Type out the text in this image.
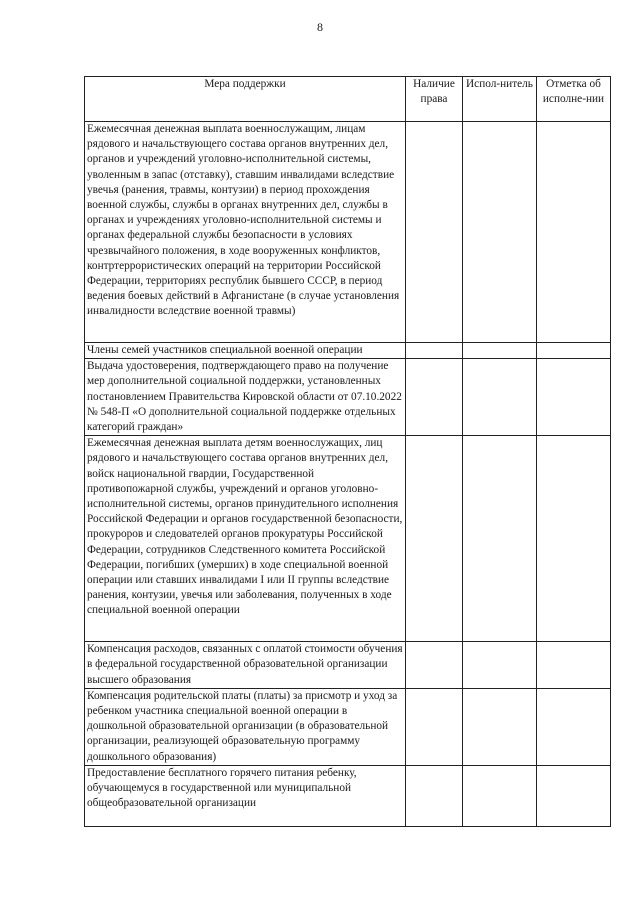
8
Мера поддержки	Наличие права	Испол-нитель	Отметка об исполне-нии
Ежемесячная денежная выплата военнослужащим, лицам рядового и начальствующего состава органов внутренних дел, органов и учреждений уголовно-исполнительной системы, уволенным в запас (отставку), ставшим инвалидами вследствие увечья (ранения, травмы, контузии) в период прохождения военной службы, службы в органах внутренних дел, службы в органах и учреждениях уголовно-исполнительной системы и органах федеральной службы безопасности в условиях чрезвычайного положения, в ходе вооруженных конфликтов, контртеррористических операций на территории Российской Федерации, территориях республик бывшего СССР, в период ведения боевых действий в Афганистане (в случае установления инвалидности вследствие военной травмы)			
Члены семей участников специальной военной операции			
Выдача удостоверения, подтверждающего право на получение мер дополнительной социальной поддержки, установленных постановлением Правительства Кировской области от 07.10.2022 № 548-П «О дополнительной социальной поддержке отдельных категорий граждан»			
Ежемесячная денежная выплата детям военнослужащих, лиц рядового и начальствующего состава органов внутренних дел, войск национальной гвардии, Государственной противопожарной службы, учреждений и органов уголовно-исполнительной системы, органов принудительного исполнения Российской Федерации и органов государственной безопасности, прокуроров и следователей органов прокуратуры Российской Федерации, сотрудников Следственного комитета Российской Федерации, погибших (умерших) в ходе специальной военной операции или ставших инвалидами I или II группы вследствие ранения, контузии, увечья или заболевания, полученных в ходе специальной военной операции			
Компенсация расходов, связанных с оплатой стоимости обучения в федеральной государственной образовательной организации высшего образования			
Компенсация родительской платы (платы) за присмотр и уход за ребенком участника специальной военной операции в дошкольной образовательной организации (в образовательной организации, реализующей образовательную программу дошкольного образования)			
Предоставление бесплатного горячего питания ребенку, обучающемуся в государственной или муниципальной общеобразовательной организации			
